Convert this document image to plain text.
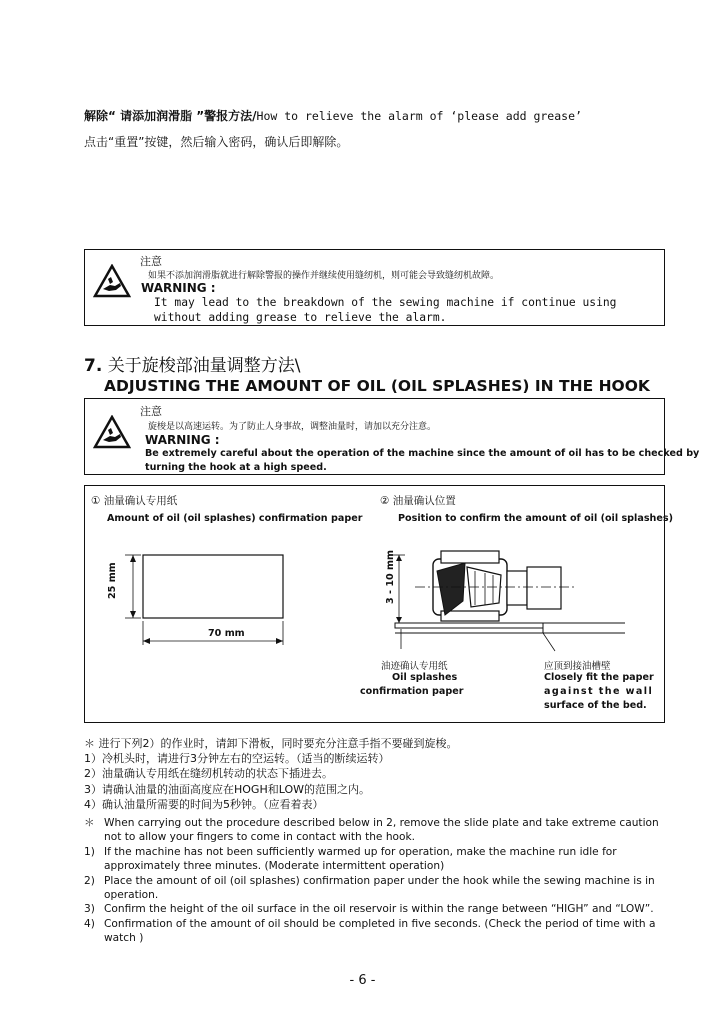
解除“ 请添加润滑脂 ”警报方法/How to relieve the alarm of ‘please add grease’
点击“重置”按键，然后输入密码，确认后即解除。
注意
如果不添加润滑脂就进行解除警报的操作并继续使用缝纫机，则可能会导致缝纫机故障。
WARNING :
It may lead to the breakdown of the sewing machine if continue using
without adding grease to relieve the alarm.
7. 关于旋梭部油量调整方法\
ADJUSTING THE AMOUNT OF OIL (OIL SPLASHES) IN THE HOOK
注意
旋梭是以高速运转。为了防止人身事故，调整油量时，请加以充分注意。
WARNING :
Be extremely careful about the operation of the machine since the amount of oil has to be checked by
turning the hook at a high speed.
① 油量确认专用纸
Amount of oil (oil splashes) confirmation paper
25 mm
70 mm
② 油量确认位置
Position to confirm the amount of oil (oil splashes)
3 - 10 mm
油迹确认专用纸
Oil splashes
confirmation paper
应顶到接油槽壁
Closely fit the paper
against the wall
surface of the bed.
＊ 进行下列2）的作业时，请卸下滑板，同时要充分注意手指不要碰到旋梭。
1）冷机头时，请进行3分钟左右的空运转。（适当的断续运转）
2）油量确认专用纸在缝纫机转动的状态下插进去。
3）请确认油量的油面高度应在HOGH和LOW的范围之内。
4）确认油量所需要的时间为5秒钟。（应看着表）
＊ When carrying out the procedure described below in 2, remove the slide plate and take extreme caution not to allow your fingers to come in contact with the hook.
1) If the machine has not been sufficiently warmed up for operation, make the machine run idle for approximately three minutes. (Moderate intermittent operation)
2) Place the amount of oil (oil splashes) confirmation paper under the hook while the sewing machine is in operation.
3) Confirm the height of the oil surface in the oil reservoir is within the range between “HIGH” and “LOW”.
4) Confirmation of the amount of oil should be completed in five seconds. (Check the period of time with a watch )
- 6 -
